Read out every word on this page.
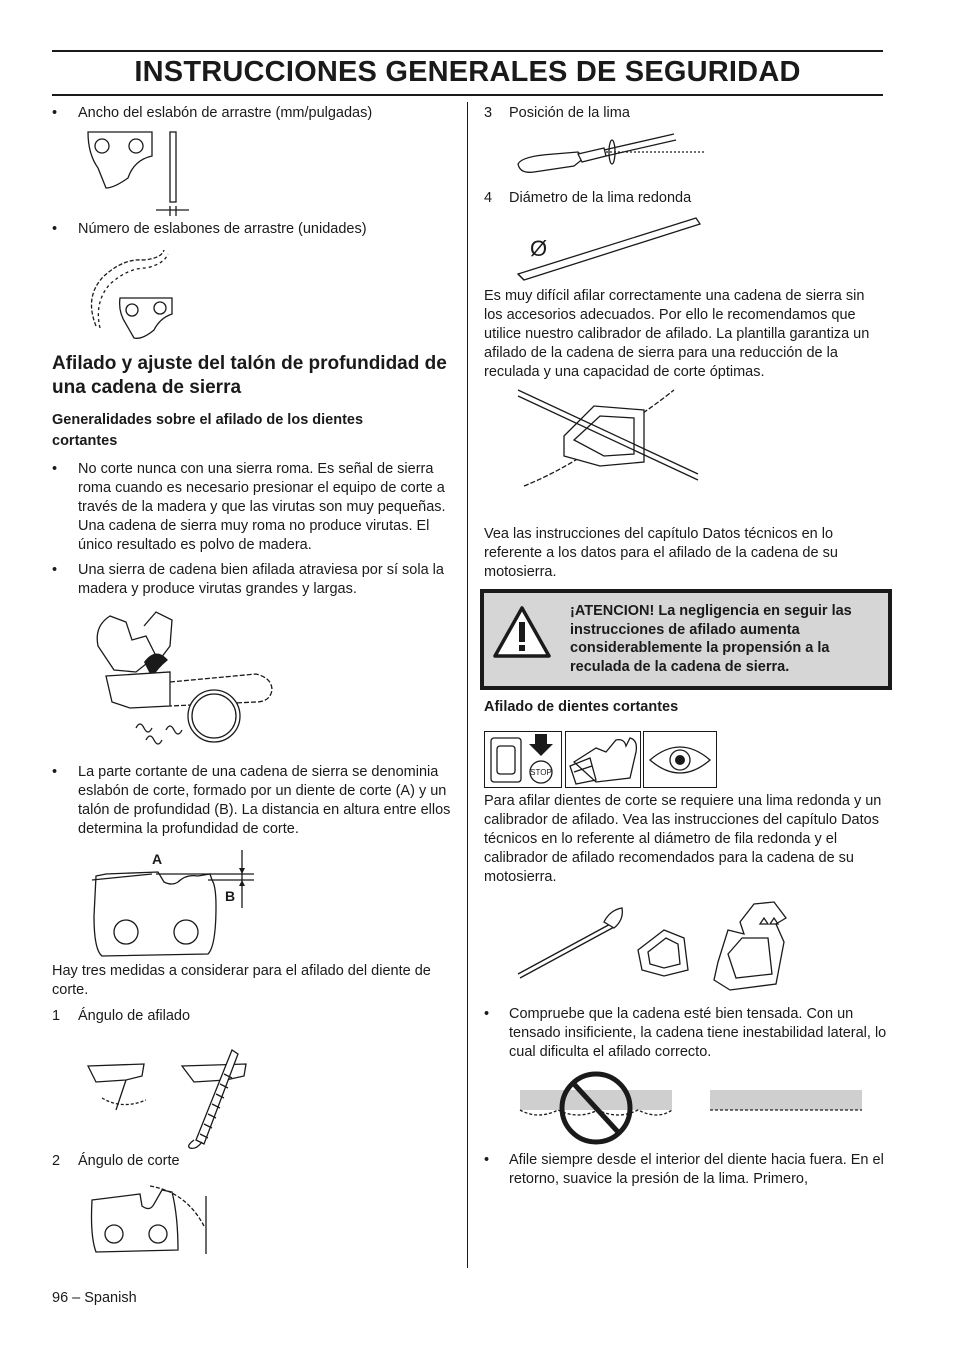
INSTRUCCIONES GENERALES DE SEGURIDAD
• Ancho del eslabón de arrastre (mm/pulgadas)
• Número de eslabones de arrastre (unidades)
Afilado y ajuste del talón de profundidad de una cadena de sierra
Generalidades sobre el afilado de los dientes cortantes
• No corte nunca con una sierra roma. Es señal de sierra roma cuando es necesario presionar el equipo de corte a través de la madera y que las virutas son muy pequeñas. Una cadena de sierra muy roma no produce virutas. El único resultado es polvo de madera.
• Una sierra de cadena bien afilada atraviesa por sí sola la madera y produce virutas grandes y largas.
• La parte cortante de una cadena de sierra se denominia eslabón de corte, formado por un diente de corte (A) y un talón de profundidad (B). La distancia en altura entre ellos determina la profundidad de corte.
A
B
Hay tres medidas a considerar para el afilado del diente de corte.
1 Ángulo de afilado
2 Ángulo de corte
96 – Spanish
3 Posición de la lima
4 Diámetro de la lima redonda
Ø
Es muy difícil afilar correctamente una cadena de sierra sin los accesorios adecuados. Por ello le recomendamos que utilice nuestro calibrador de afilado. La plantilla garantiza un afilado de la cadena de sierra para una reducción de la reculada y una capacidad de corte óptimas.
Vea las instrucciones del capítulo Datos técnicos en lo referente a los datos para el afilado de la cadena de su motosierra.
¡ATENCION! La negligencia en seguir las instrucciones de afilado aumenta considerablemente la propensión a la reculada de la cadena de sierra.
Afilado de dientes cortantes
STOP
Para afilar dientes de corte se requiere una lima redonda y un calibrador de afilado. Vea las instrucciones del capítulo Datos técnicos en lo referente al diámetro de fila redonda y el calibrador de afilado recomendados para la cadena de su motosierra.
• Compruebe que la cadena esté bien tensada. Con un tensado insificiente, la cadena tiene inestabilidad lateral, lo cual dificulta el afilado correcto.
• Afile siempre desde el interior del diente hacia fuera. En el retorno, suavice la presión de la lima. Primero,
